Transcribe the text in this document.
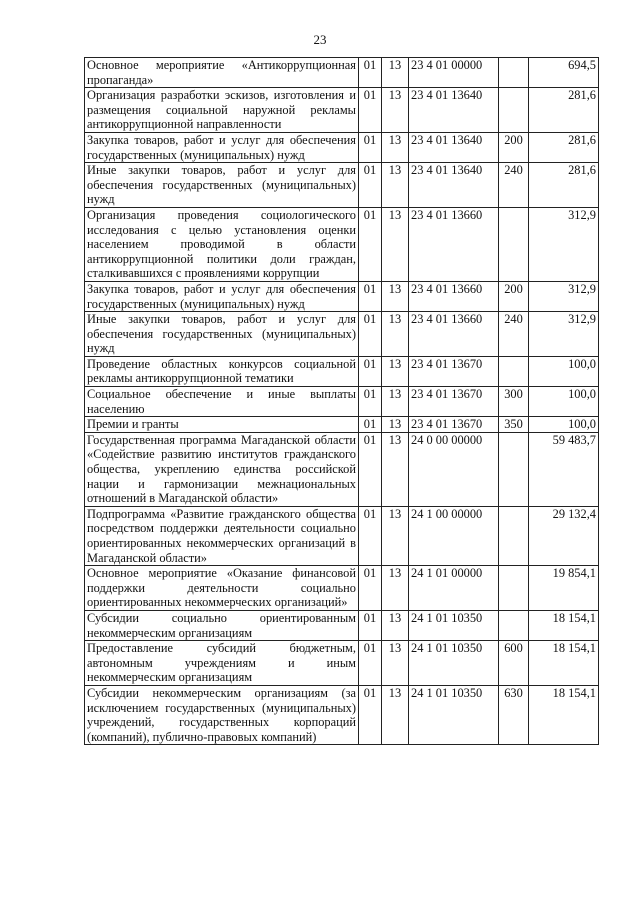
23
Основное мероприятие «Антикоррупционная пропаганда»	01	13	23 4 01 00000		694,5
Организация разработки эскизов, изготовления и размещения социальной наружной рекламы антикоррупционной направленности	01	13	23 4 01 13640		281,6
Закупка товаров, работ и услуг для обеспечения государственных (муниципальных) нужд	01	13	23 4 01 13640	200	281,6
Иные закупки товаров, работ и услуг для обеспечения государственных (муниципальных) нужд	01	13	23 4 01 13640	240	281,6
Организация проведения социологического исследования с целью установления оценки населением проводимой в области антикоррупционной политики доли граждан, сталкивавшихся с проявлениями коррупции	01	13	23 4 01 13660		312,9
Закупка товаров, работ и услуг для обеспечения государственных (муниципальных) нужд	01	13	23 4 01 13660	200	312,9
Иные закупки товаров, работ и услуг для обеспечения государственных (муниципальных) нужд	01	13	23 4 01 13660	240	312,9
Проведение областных конкурсов социальной рекламы антикоррупционной тематики	01	13	23 4 01 13670		100,0
Социальное обеспечение и иные выплаты населению	01	13	23 4 01 13670	300	100,0
Премии и гранты	01	13	23 4 01 13670	350	100,0
Государственная программа Магаданской области «Содействие развитию институтов гражданского общества, укреплению единства российской нации и гармонизации межнациональных отношений в Магаданской области»	01	13	24 0 00 00000		59 483,7
Подпрограмма «Развитие гражданского общества посредством поддержки деятельности социально ориентированных некоммерческих организаций в Магаданской области»	01	13	24 1 00 00000		29 132,4
Основное мероприятие «Оказание финансовой поддержки деятельности социально ориентированных некоммерческих организаций»	01	13	24 1 01 00000		19 854,1
Субсидии социально ориентированным некоммерческим организациям	01	13	24 1 01 10350		18 154,1
Предоставление субсидий бюджетным, автономным учреждениям и иным некоммерческим организациям	01	13	24 1 01 10350	600	18 154,1
Субсидии некоммерческим организациям (за исключением государственных (муниципальных) учреждений, государственных корпораций (компаний), публично-правовых компаний)	01	13	24 1 01 10350	630	18 154,1
